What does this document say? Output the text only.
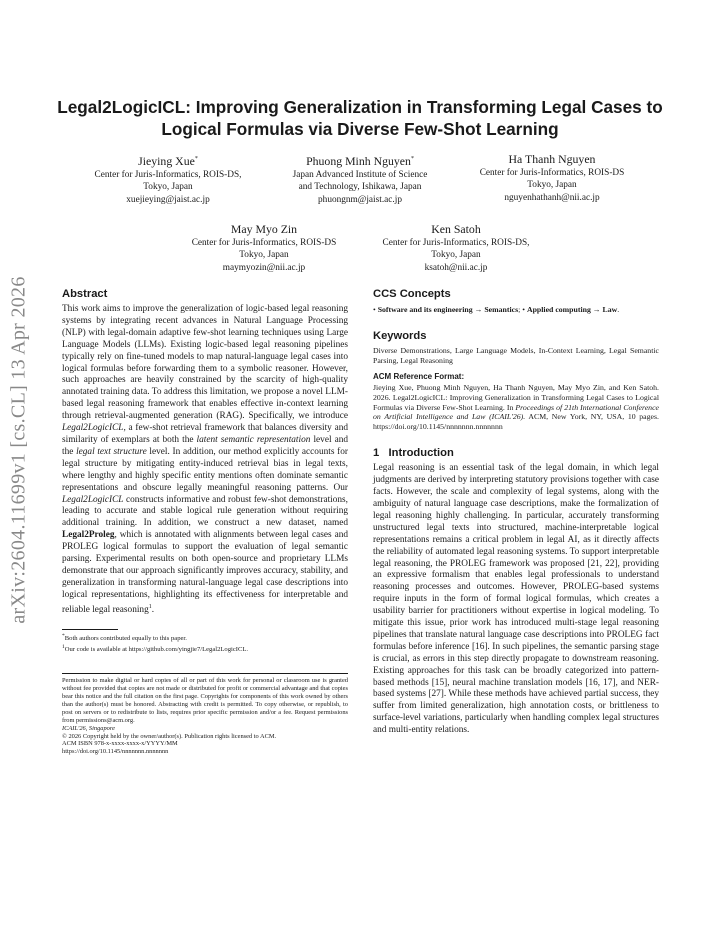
arXiv:2604.11699v1 [cs.CL] 13 Apr 2026
Legal2LogicICL: Improving Generalization in Transforming Legal Cases to Logical Formulas via Diverse Few-Shot Learning
Jieying Xue*
Center for Juris-Informatics, ROIS-DS,
Tokyo, Japan
xuejieying@jaist.ac.jp
Phuong Minh Nguyen*
Japan Advanced Institute of Science
and Technology, Ishikawa, Japan
phuongnm@jaist.ac.jp
Ha Thanh Nguyen
Center for Juris-Informatics, ROIS-DS
Tokyo, Japan
nguyenhathanh@nii.ac.jp
May Myo Zin
Center for Juris-Informatics, ROIS-DS
Tokyo, Japan
maymyozin@nii.ac.jp
Ken Satoh
Center for Juris-Informatics, ROIS-DS,
Tokyo, Japan
ksatoh@nii.ac.jp
Abstract

This work aims to improve the generalization of logic-based legal reasoning systems by integrating recent advances in Natural Language Processing (NLP) with legal-domain adaptive few-shot learning techniques using Large Language Models (LLMs). Existing logic-based legal reasoning pipelines typically rely on fine-tuned models to map natural-language legal cases into logical formulas before forwarding them to a symbolic reasoner. However, such approaches are heavily constrained by the scarcity of high-quality annotated training data. To address this limitation, we propose a novel LLM-based legal reasoning framework that enables effective in-context learning through retrieval-augmented generation (RAG). Specifically, we introduce Legal2LogicICL, a few-shot retrieval framework that balances diversity and similarity of exemplars at both the latent semantic representation level and the legal text structure level. In addition, our method explicitly accounts for legal structure by mitigating entity-induced retrieval bias in legal texts, where lengthy and highly specific entity mentions often dominate semantic representations and obscure legally meaningful reasoning patterns. Our Legal2LogicICL constructs informative and robust few-shot demonstrations, leading to accurate and stable logical rule generation without requiring additional training. In addition, we construct a new dataset, named Legal2Proleg, which is annotated with alignments between legal cases and PROLEG logical formulas to support the evaluation of legal semantic parsing. Experimental results on both open-source and proprietary LLMs demonstrate that our approach significantly improves accuracy, stability, and generalization in transforming natural-language legal case descriptions into logical representations, highlighting its effectiveness for interpretable and reliable legal reasoning$^1$.

*Both authors contributed equally to this paper.

$^1$Our code is available at https://github.com/yingjie7/Legal2LogicICL.

Permission to make digital or hard copies of all or part of this work for personal or classroom use is granted without fee provided that copies are not made or distributed for profit or commercial advantage and that copies bear this notice and the full citation on the first page. Copyrights for components of this work owned by others than the author(s) must be honored. Abstracting with credit is permitted. To copy otherwise, or republish, to post on servers or to redistribute to lists, requires prior specific permission and/or a fee. Request permissions from permissions@acm.org.

ICAIL'26, Singapore

© 2026 Copyright held by the owner/author(s). Publication rights licensed to ACM.

ACM ISBN 978-x-xxxx-xxxx-x/YYYY/MM

https://doi.org/10.1145/nnnnnnn.nnnnnnn

CCS Concepts

• Software and its engineering → Semantics; • Applied computing → Law.

Keywords

Diverse Demonstrations, Large Language Models, In-Context Learning, Legal Semantic Parsing, Legal Reasoning

ACM Reference Format:

Jieying Xue, Phuong Minh Nguyen, Ha Thanh Nguyen, May Myo Zin, and Ken Satoh. 2026. Legal2LogicICL: Improving Generalization in Transforming Legal Cases to Logical Formulas via Diverse Few-Shot Learning. In Proceedings of 21th International Conference on Artificial Intelligence and Law (ICAIL'26). ACM, New York, NY, USA, 10 pages. https://doi.org/10.1145/nnnnnnn.nnnnnnn

1   Introduction

Legal reasoning is an essential task of the legal domain, in which legal judgments are derived by interpreting statutory provisions together with case facts. However, the scale and complexity of legal systems, along with the ambiguity of natural language case descriptions, make the formalization of legal reasoning highly challenging. In particular, accurately transforming unstructured legal texts into structured, machine-interpretable logical representations remains a critical problem in legal AI, as it directly affects the reliability of automated legal reasoning systems. To support interpretable legal reasoning, the PROLEG framework was proposed [21, 22], providing an expressive formalism that enables legal professionals to understand reasoning processes and outcomes. However, PROLEG-based systems require inputs in the form of formal logical formulas, which creates a usability barrier for practitioners without expertise in logical modeling. To mitigate this issue, prior work has introduced multi-stage legal reasoning pipelines that translate natural language case descriptions into PROLEG fact formulas before inference [16]. In such pipelines, the semantic parsing stage is crucial, as errors in this step directly propagate to downstream reasoning. Existing approaches for this task can be broadly categorized into pattern-based methods [15], neural machine translation models [16, 17], and NER-based systems [27]. While these methods have achieved partial success, they suffer from limited generalization, high annotation costs, or brittleness to surface-level variations, particularly when handling complex legal structures and multi-entity relations.
